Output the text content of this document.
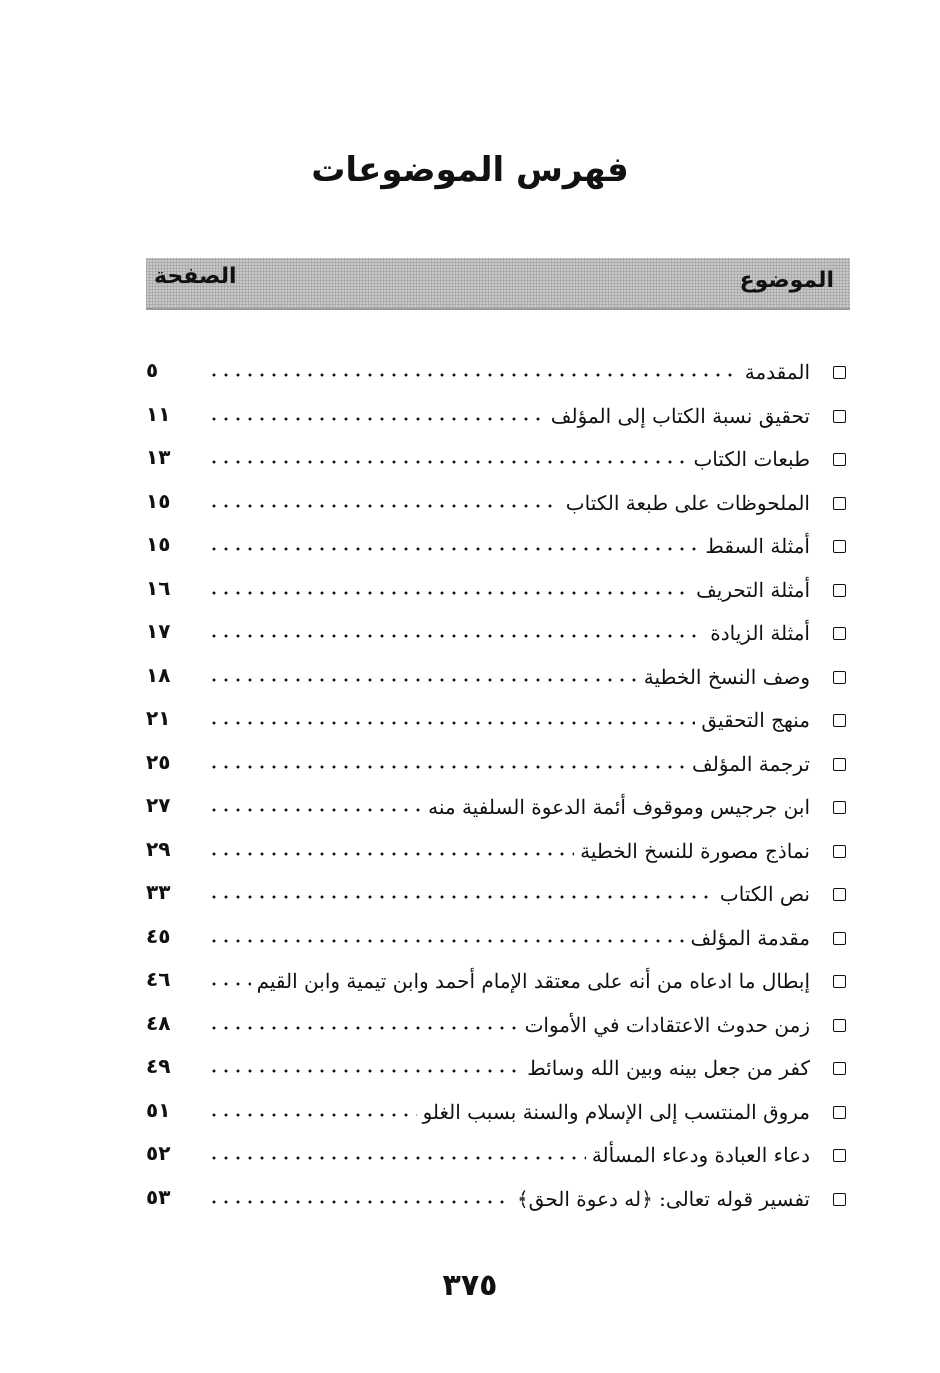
فهرس الموضوعات
الموضوع
الصفحة
المقدمة
٥
تحقيق نسبة الكتاب إلى المؤلف
١١
طبعات الكتاب
١٣
الملحوظات على طبعة الكتاب
١٥
أمثلة السقط
١٥
أمثلة التحريف
١٦
أمثلة الزيادة
١٧
وصف النسخ الخطية
١٨
منهج التحقيق
٢١
ترجمة المؤلف
٢٥
ابن جرجيس وموقوف أئمة الدعوة السلفية منه
٢٧
نماذج مصورة للنسخ الخطية
٢٩
نص الكتاب
٣٣
مقدمة المؤلف
٤٥
إبطال ما ادعاه من أنه على معتقد الإمام أحمد وابن تيمية وابن القيم
٤٦
زمن حدوث الاعتقادات في الأموات
٤٨
كفر من جعل بينه وبين الله وسائط
٤٩
مروق المنتسب إلى الإسلام والسنة بسبب الغلو
٥١
دعاء العبادة ودعاء المسألة
٥٢
تفسير قوله تعالى: ﴿له دعوة الحق﴾
٥٣
٣٧٥
